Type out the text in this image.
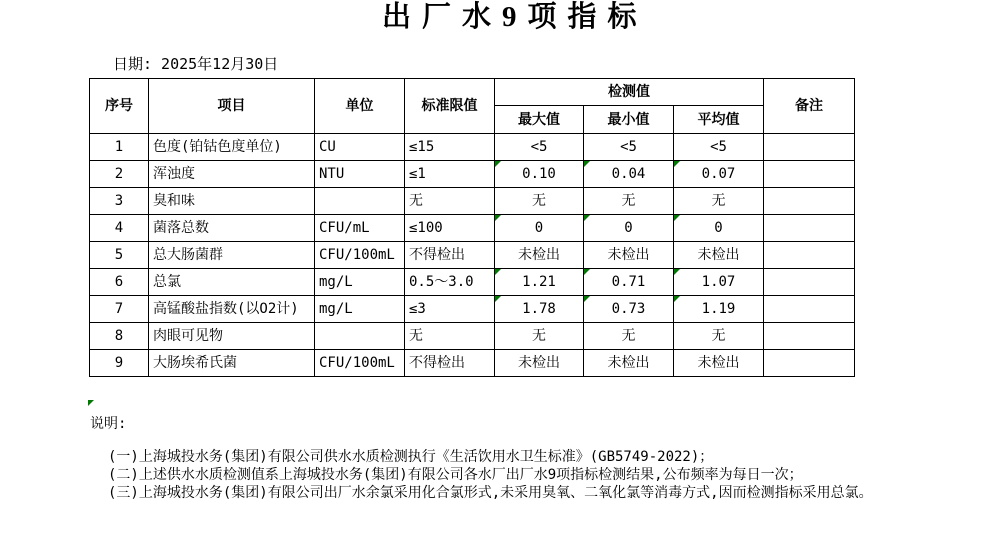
出厂水9项指标
日期: 2025年12月30日
序号	项目	单位	标准限值	检测值			备注
				最大值	最小值	平均值	
1	色度(铂钴色度单位)	CU	≤15	<5	<5	<5	
2	浑浊度	NTU	≤1	0.10	0.04	0.07	
3	臭和味		无	无	无	无	
4	菌落总数	CFU/mL	≤100	0	0	0	
5	总大肠菌群	CFU/100mL	不得检出	未检出	未检出	未检出	
6	总氯	mg/L	0.5～3.0	1.21	0.71	1.07	
7	高锰酸盐指数(以O2计)	mg/L	≤3	1.78	0.73	1.19	
8	肉眼可见物		无	无	无	无	
9	大肠埃希氏菌	CFU/100mL	不得检出	未检出	未检出	未检出	
说明:
(一)上海城投水务(集团)有限公司供水水质检测执行《生活饮用水卫生标准》(GB5749-2022)；
(二)上述供水水质检测值系上海城投水务(集团)有限公司各水厂出厂水9项指标检测结果,公布频率为每日一次；
(三)上海城投水务(集团)有限公司出厂水余氯采用化合氯形式,未采用臭氧、二氧化氯等消毒方式,因而检测指标采用总氯。
